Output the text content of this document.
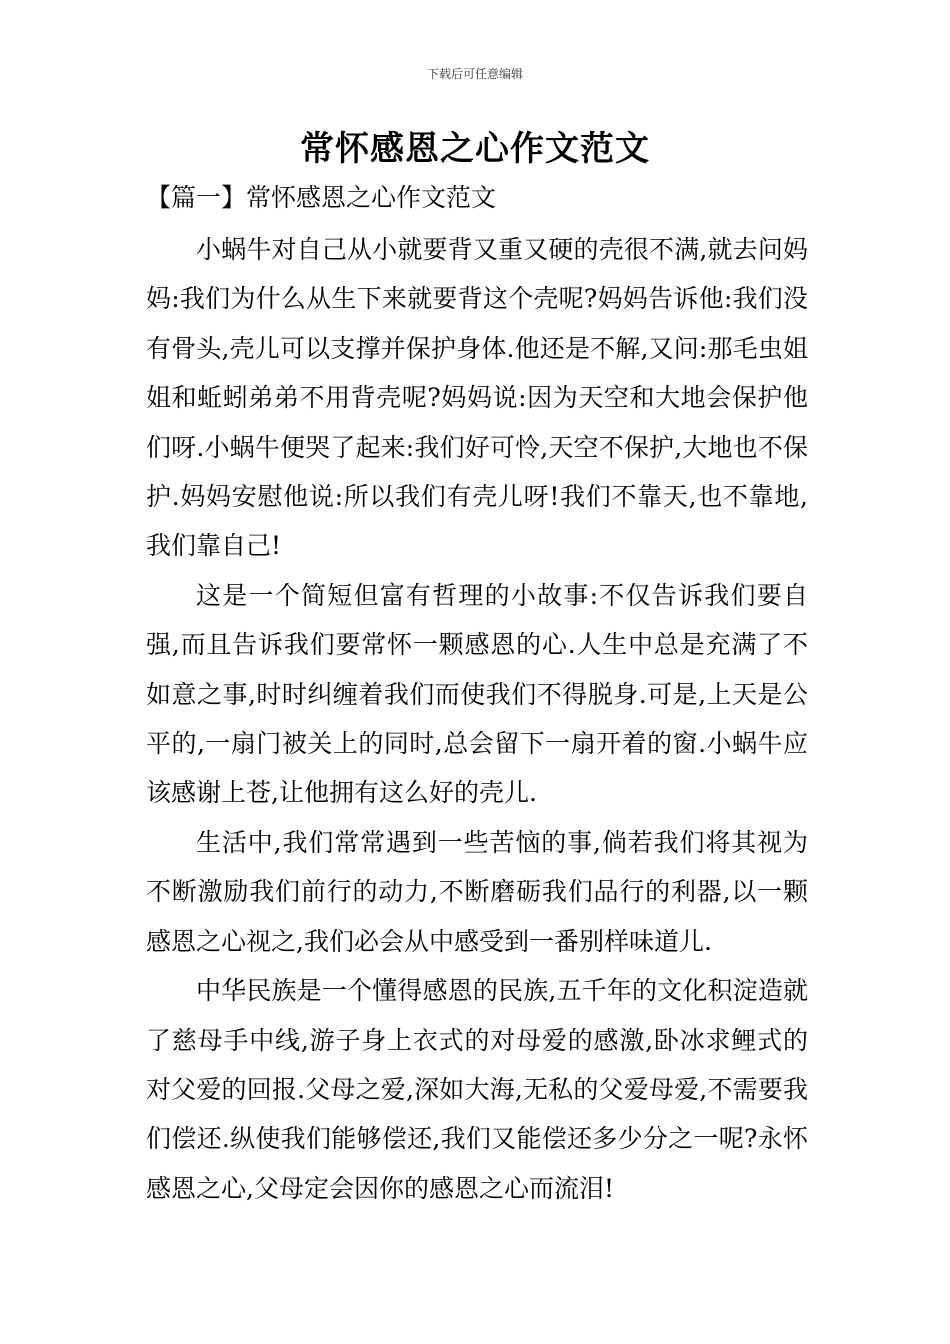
下载后可任意编辑
常怀感恩之心作文范文
【篇一】常怀感恩之心作文范文

小蜗牛对自己从小就要背又重又硬的壳很不满,就去问妈妈:我们为什么从生下来就要背这个壳呢?妈妈告诉他:我们没有骨头,壳儿可以支撑并保护身体.他还是不解,又问:那毛虫姐姐和蚯蚓弟弟不用背壳呢?妈妈说:因为天空和大地会保护他们呀.小蜗牛便哭了起来:我们好可怜,天空不保护,大地也不保护.妈妈安慰他说:所以我们有壳儿呀!我们不靠天,也不靠地,我们靠自己!

这是一个简短但富有哲理的小故事:不仅告诉我们要自强,而且告诉我们要常怀一颗感恩的心.人生中总是充满了不如意之事,时时纠缠着我们而使我们不得脱身.可是,上天是公平的,一扇门被关上的同时,总会留下一扇开着的窗.小蜗牛应该感谢上苍,让他拥有这么好的壳儿.

生活中,我们常常遇到一些苦恼的事,倘若我们将其视为不断激励我们前行的动力,不断磨砺我们品行的利器,以一颗感恩之心视之,我们必会从中感受到一番别样味道儿.

中华民族是一个懂得感恩的民族,五千年的文化积淀造就了慈母手中线,游子身上衣式的对母爱的感激,卧冰求鲤式的对父爱的回报.父母之爱,深如大海,无私的父爱母爱,不需要我们偿还.纵使我们能够偿还,我们又能偿还多少分之一呢?永怀感恩之心,父母定会因你的感恩之心而流泪!
